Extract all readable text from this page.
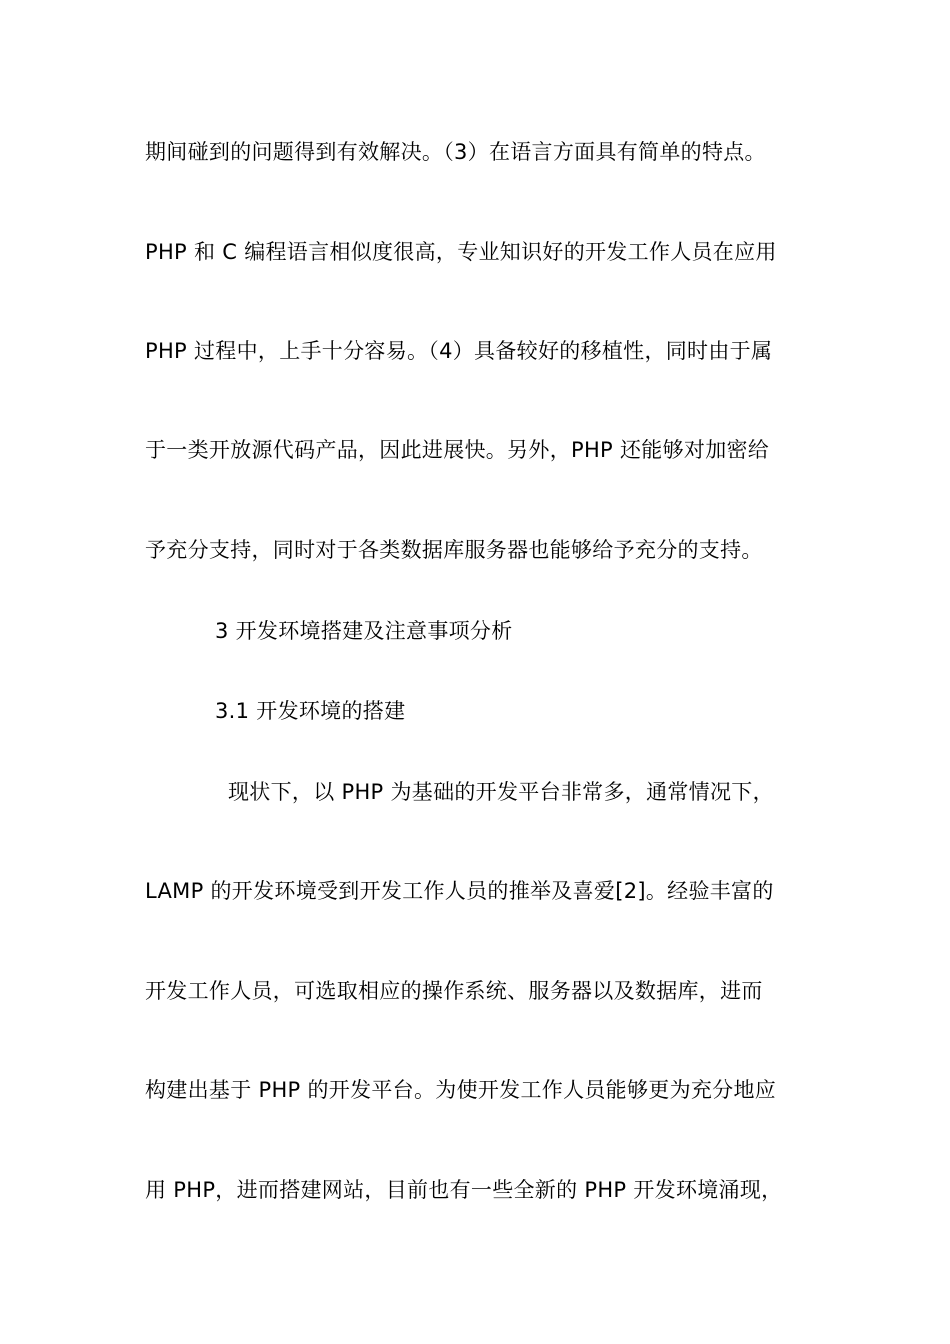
期间碰到的问题得到有效解决。（3）在语言方面具有简单的特点。
PHP 和 C 编程语言相似度很高，专业知识好的开发工作人员在应用
PHP 过程中，上手十分容易。（4）具备较好的移植性，同时由于属
于一类开放源代码产品，因此进展快。另外，PHP 还能够对加密给
予充分支持，同时对于各类数据库服务器也能够给予充分的支持。
3 开发环境搭建及注意事项分析
3.1 开发环境的搭建
现状下，以 PHP 为基础的开发平台非常多，通常情况下，
LAMP 的开发环境受到开发工作人员的推举及喜爱[2]。经验丰富的
开发工作人员，可选取相应的操作系统、服务器以及数据库，进而
构建出基于 PHP 的开发平台。为使开发工作人员能够更为充分地应
用 PHP，进而搭建网站，目前也有一些全新的 PHP 开发环境涌现，
